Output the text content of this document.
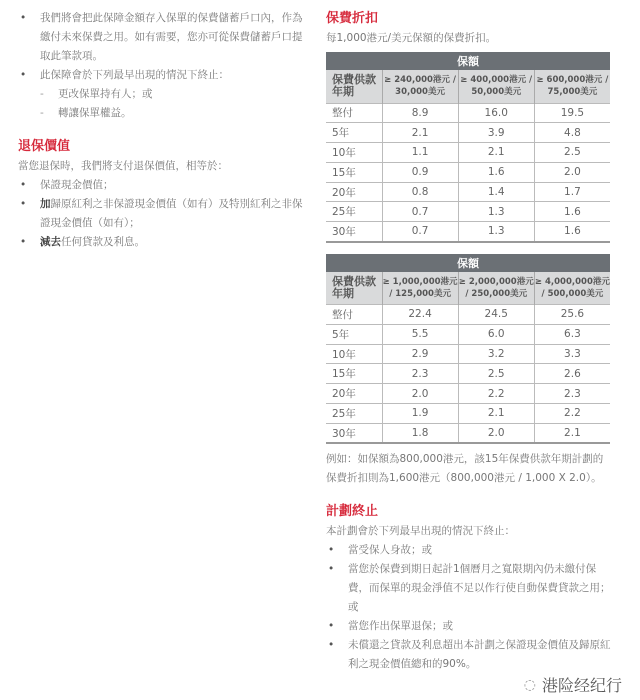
• 我們將會把此保障金額存入保單的保費儲蓄戶口內，作為繳付未來保費之用。如有需要，您亦可從保費儲蓄戶口提取此筆款項。
• 此保障會於下列最早出現的情況下終止：
- 更改保單持有人；或
- 轉讓保單權益。
退保價值

當您退保時，我們將支付退保價值，相等於：

• 保證現金價值；
• 加歸原紅利之非保證現金價值（如有）及特別紅利之非保證現金價值（如有）；
• 減去任何貸款及利息。
保費折扣

每1,000港元/美元保額的保費折扣。

保額			
保費供款年期	≥ 240,000港元 / 30,000美元	≥ 400,000港元 / 50,000美元	≥ 600,000港元 / 75,000美元
整付	8.9	16.0	19.5
5年	2.1	3.9	4.8
10年	1.1	2.1	2.5
15年	0.9	1.6	2.0
20年	0.8	1.4	1.7
25年	0.7	1.3	1.6
30年	0.7	1.3	1.6
保額			
保費供款年期	≥ 1,000,000港元 / 125,000美元	≥ 2,000,000港元 / 250,000美元	≥ 4,000,000港元 / 500,000美元
整付	22.4	24.5	25.6
5年	5.5	6.0	6.3
10年	2.9	3.2	3.3
15年	2.3	2.5	2.6
20年	2.0	2.2	2.3
25年	1.9	2.1	2.2
30年	1.8	2.0	2.1

例如：如保額為800,000港元，該15年保費供款年期計劃的保費折扣則為1,600港元（800,000港元 / 1,000 X 2.0）。

計劃終止

本計劃會於下列最早出現的情況下終止：

• 當受保人身故；或
• 當您於保費到期日起計1個曆月之寬限期內仍未繳付保費，而保單的現金淨值不足以作行使自動保費貸款之用；或
• 當您作出保單退保；或
• 未償還之貸款及利息超出本計劃之保證現金價值及歸原紅利之現金價值總和的90%。
◌ 港险经纪行
